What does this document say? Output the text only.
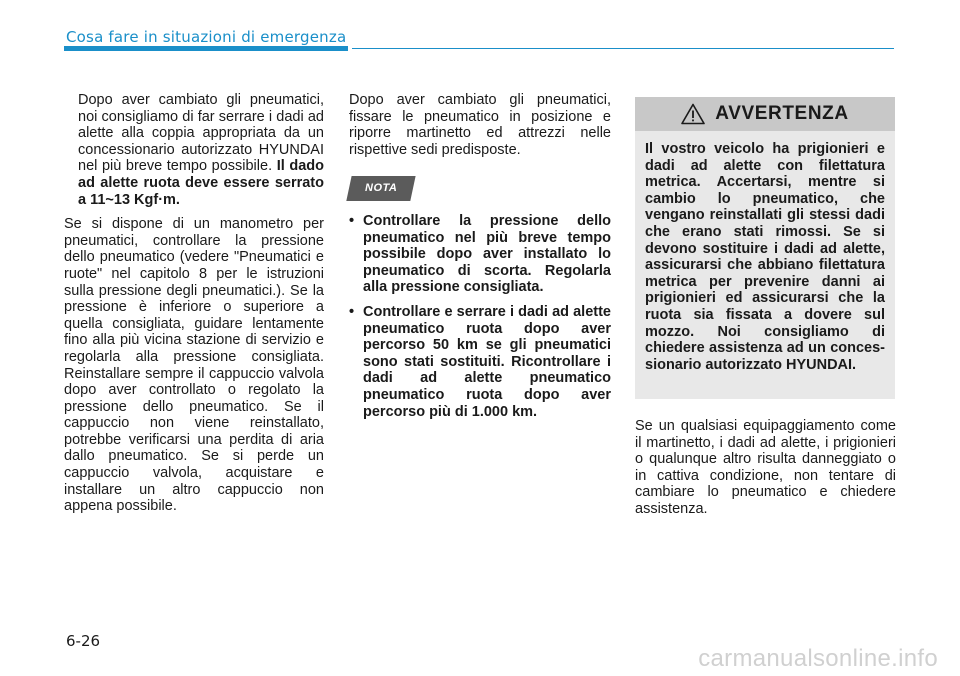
Cosa fare in situazioni di emergenza

Dopo aver cambiato gli pneumatici, noi consigliamo di far serrare i dadi ad alette alla coppia appropriata da un concessionario autorizzato HYUNDAI nel più breve tempo possibile. Il dado ad alette ruota deve essere serrato a 11~13 Kgf·m.

Se si dispone di un manometro per pneumatici, controllare la pressione dello pneumatico (vedere "Pneumatici e ruote" nel capitolo 8 per le istruzioni sulla pressione degli pneumatici.). Se la pressione è inferiore o superiore a quella consigliata, guidare lentamente fino alla più vicina stazione di servizio e regolarla alla pressione consigliata. Reinstallare sempre il cappuccio valvola dopo aver controllato o regolato la pressione dello pneumatico. Se il cappuccio non viene reinstallato, potrebbe verificarsi una perdita di aria dallo pneumatico. Se si perde un cappuccio valvola, acquistare e installare un altro cappuccio non appena possibile.

Dopo aver cambiato gli pneumatici, fissare le pneumatico in posizione e riporre martinetto ed attrezzi nelle rispettive sedi predisposte.

NOTA
• Controllare la pressione dello pneumatico nel più breve tempo possibile dopo aver installato lo pneumatico di scorta. Regolarla alla pressione consigliata.
• Controllare e serrare i dadi ad alette pneumatico ruota dopo aver percorso 50 km se gli pneumatici sono stati sostituiti. Ricontrollare i dadi ad alette pneumatico pneumatico ruota dopo aver percorso più di 1.000 km.
AVVERTENZA
Il vostro veicolo ha prigionieri e dadi ad alette con filettatura metrica. Accertarsi, mentre si cambio lo pneumatico, che vengano reinstallati gli stessi dadi che erano stati rimossi. Se si devono sostituire i dadi ad alette, assicurarsi che abbiano filettatura metrica per prevenire danni ai prigionieri ed assicurarsi che la ruota sia fissata a dovere sul mozzo. Noi consigliamo di chiedere assistenza ad un conces-sionario autorizzato HYUNDAI.

Se un qualsiasi equipaggiamento come il martinetto, i dadi ad alette, i prigionieri o qualunque altro risulta danneggiato o in cattiva condizione, non tentare di cambiare lo pneumatico e chiedere assistenza.

6-26
carmanualsonline.info
